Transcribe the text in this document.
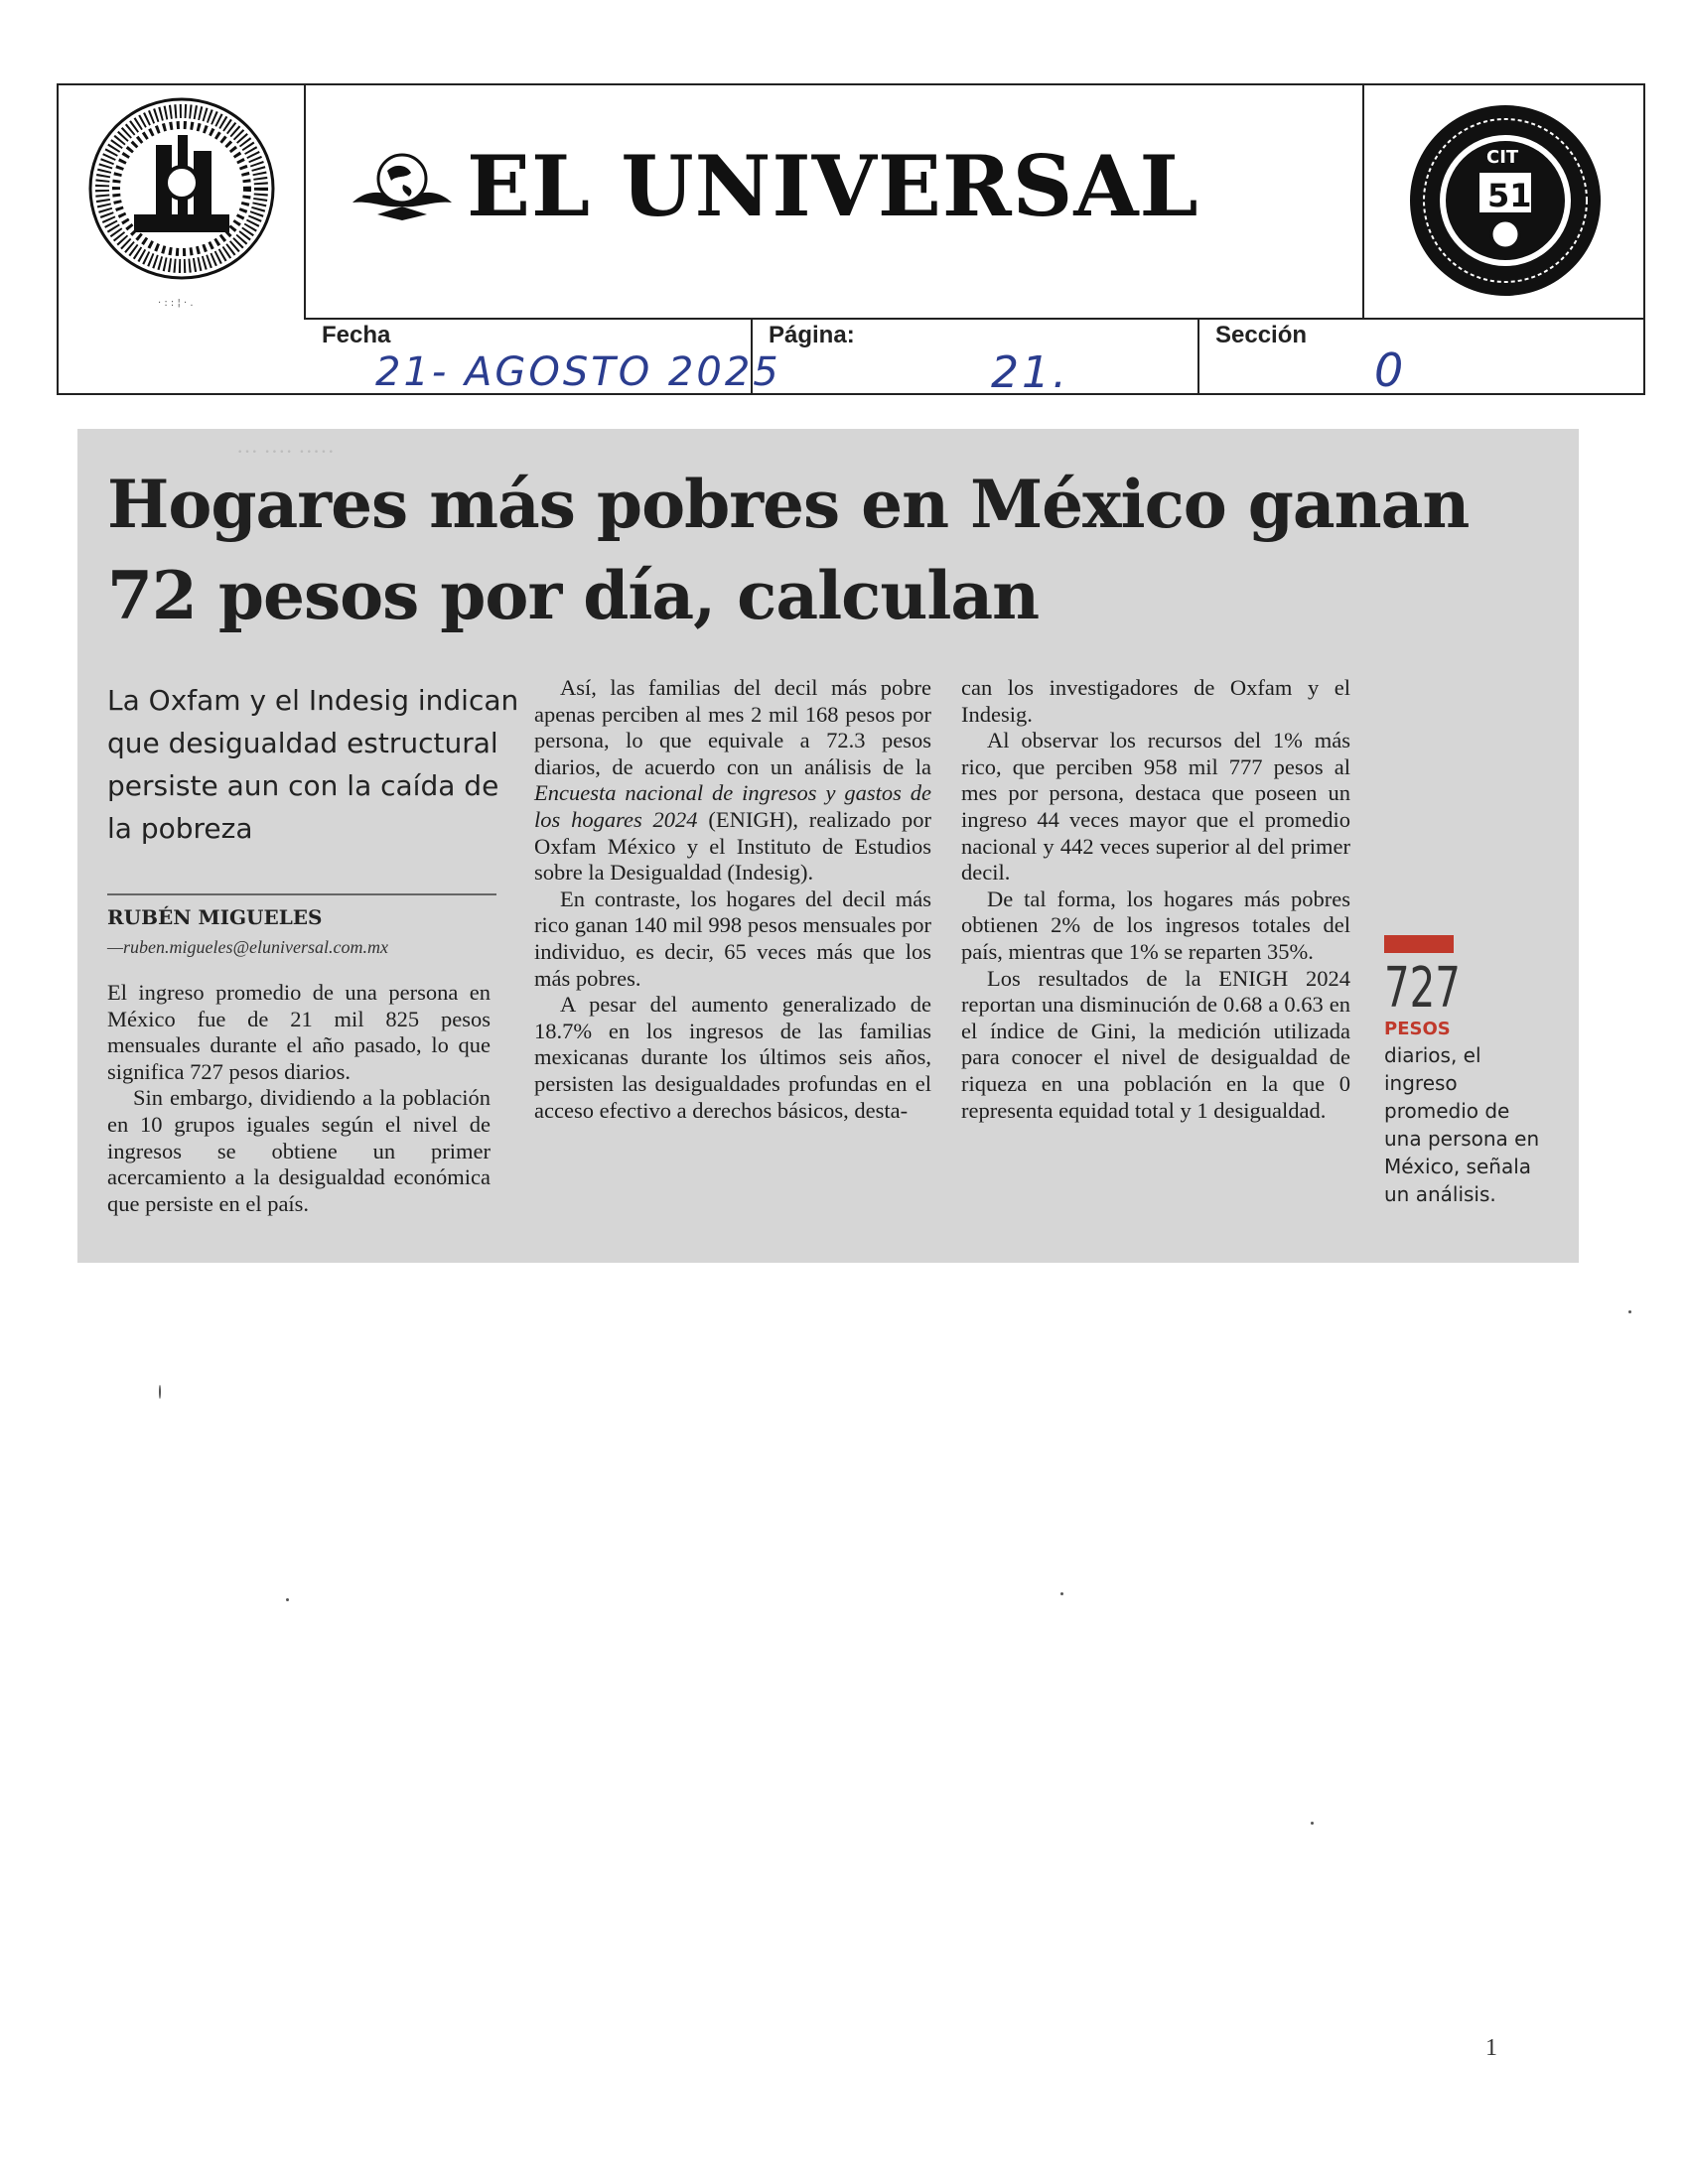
· : ꞉ ¦ · .
EL UNIVERSAL	CIT
51
Fecha
21- AGOSTO 2025
Página:
21.
Sección
0
··· ···· ·····
Hogares más pobres en México ganan 72 pesos por día, calculan

La Oxfam y el Indesig indican que desigualdad estructural persiste aun con la caída de la pobreza

RUBÉN MIGUELES
—ruben.migueles@eluniversal.com.mx

El ingreso promedio de una persona en México fue de 21 mil 825 pesos mensuales durante el año pasado, lo que significa 727 pesos diarios.

Sin embargo, dividiendo a la población en 10 grupos iguales según el nivel de ingresos se obtiene un primer acercamiento a la desigualdad económica que persiste en el país.

Así, las familias del decil más pobre apenas perciben al mes 2 mil 168 pesos por persona, lo que equivale a 72.3 pesos diarios, de acuerdo con un análisis de la Encuesta nacional de ingresos y gastos de los hogares 2024 (ENIGH), realizado por Oxfam México y el Instituto de Estudios sobre la Desigualdad (Indesig).

En contraste, los hogares del decil más rico ganan 140 mil 998 pesos mensuales por individuo, es decir, 65 veces más que los más pobres.

A pesar del aumento generalizado de 18.7% en los ingresos de las familias mexicanas durante los últimos seis años, persisten las desigualdades profundas en el acceso efectivo a derechos básicos, desta-

can los investigadores de Oxfam y el Indesig.

Al observar los recursos del 1% más rico, que perciben 958 mil 777 pesos al mes por persona, destaca que poseen un ingreso 44 veces mayor que el promedio nacional y 442 veces superior al del primer decil.

De tal forma, los hogares más pobres obtienen 2% de los ingresos totales del país, mientras que 1% se reparten 35%.

Los resultados de la ENIGH 2024 reportan una disminución de 0.68 a 0.63 en el índice de Gini, la medición utilizada para conocer el nivel de desigualdad de riqueza en una población en la que 0 representa equidad total y 1 desigualdad.

727
PESOS
diarios, el ingreso promedio de una persona en México, señala un análisis.
1
